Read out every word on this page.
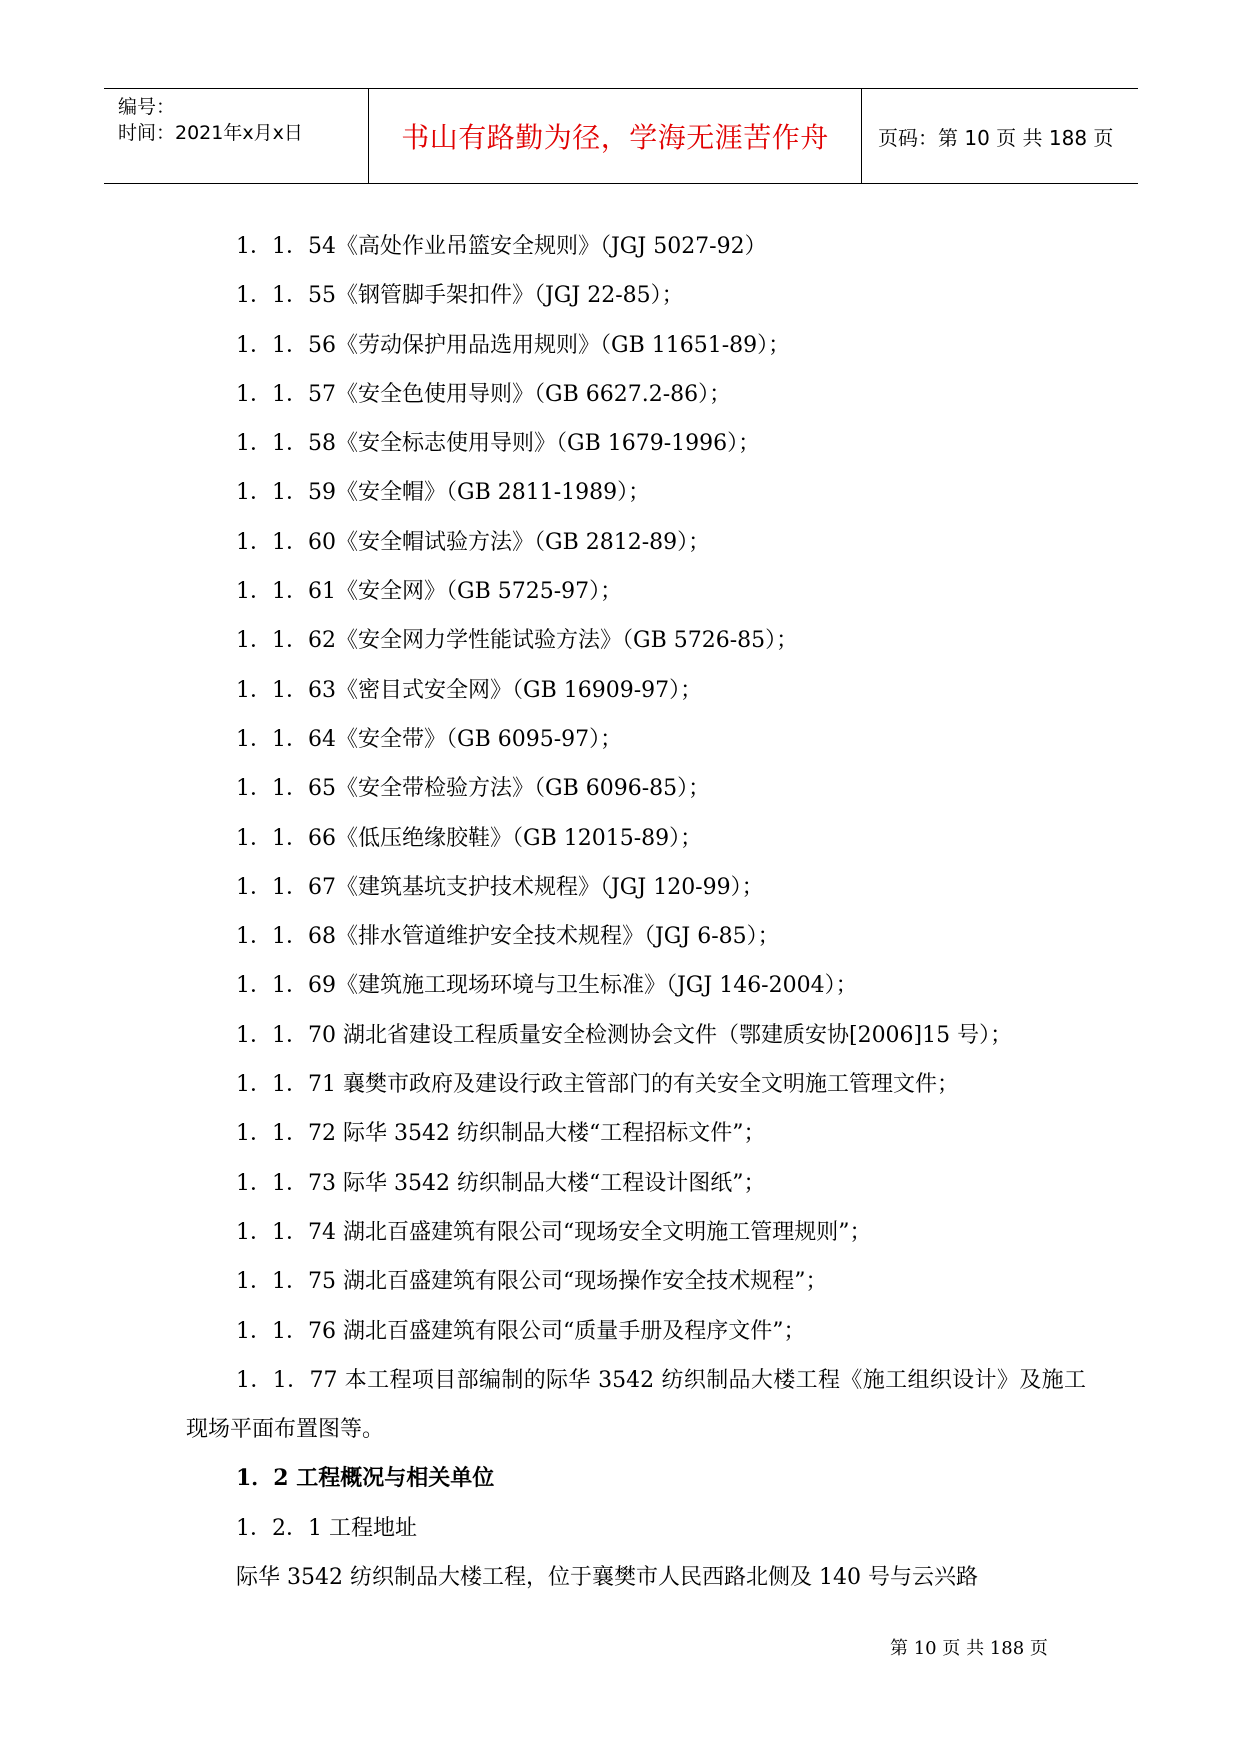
编号：
时间：2021年x月x日	书山有路勤为径，学海无涯苦作舟	页码：第 10 页 共 188 页
1．1．54《高处作业吊篮安全规则》（JGJ 5027-92）
1．1．55《钢管脚手架扣件》（JGJ 22-85）；
1．1．56《劳动保护用品选用规则》（GB 11651-89）；
1．1．57《安全色使用导则》（GB 6627.2-86）；
1．1．58《安全标志使用导则》（GB 1679-1996）；
1．1．59《安全帽》（GB 2811-1989）；
1．1．60《安全帽试验方法》（GB 2812-89）；
1．1．61《安全网》（GB 5725-97）；
1．1．62《安全网力学性能试验方法》（GB 5726-85）；
1．1．63《密目式安全网》（GB 16909-97）；
1．1．64《安全带》（GB 6095-97）；
1．1．65《安全带检验方法》（GB 6096-85）；
1．1．66《低压绝缘胶鞋》（GB 12015-89）；
1．1．67《建筑基坑支护技术规程》（JGJ 120-99）；
1．1．68《排水管道维护安全技术规程》（JGJ 6-85）；
1．1．69《建筑施工现场环境与卫生标准》（JGJ 146-2004）；
1．1．70 湖北省建设工程质量安全检测协会文件（鄂建质安协[2006]15 号）；
1．1．71 襄樊市政府及建设行政主管部门的有关安全文明施工管理文件；
1．1．72 际华 3542 纺织制品大楼“工程招标文件”；
1．1．73 际华 3542 纺织制品大楼“工程设计图纸”；
1．1．74 湖北百盛建筑有限公司“现场安全文明施工管理规则”；
1．1．75 湖北百盛建筑有限公司“现场操作安全技术规程”；
1．1．76 湖北百盛建筑有限公司“质量手册及程序文件”；
1．1．77 本工程项目部编制的际华 3542 纺织制品大楼工程《施工组织设计》及施工现场平面布置图等。
1．2 工程概况与相关单位
1．2．1 工程地址
际华 3542 纺织制品大楼工程，位于襄樊市人民西路北侧及 140 号与云兴路
第 10 页 共 188 页
